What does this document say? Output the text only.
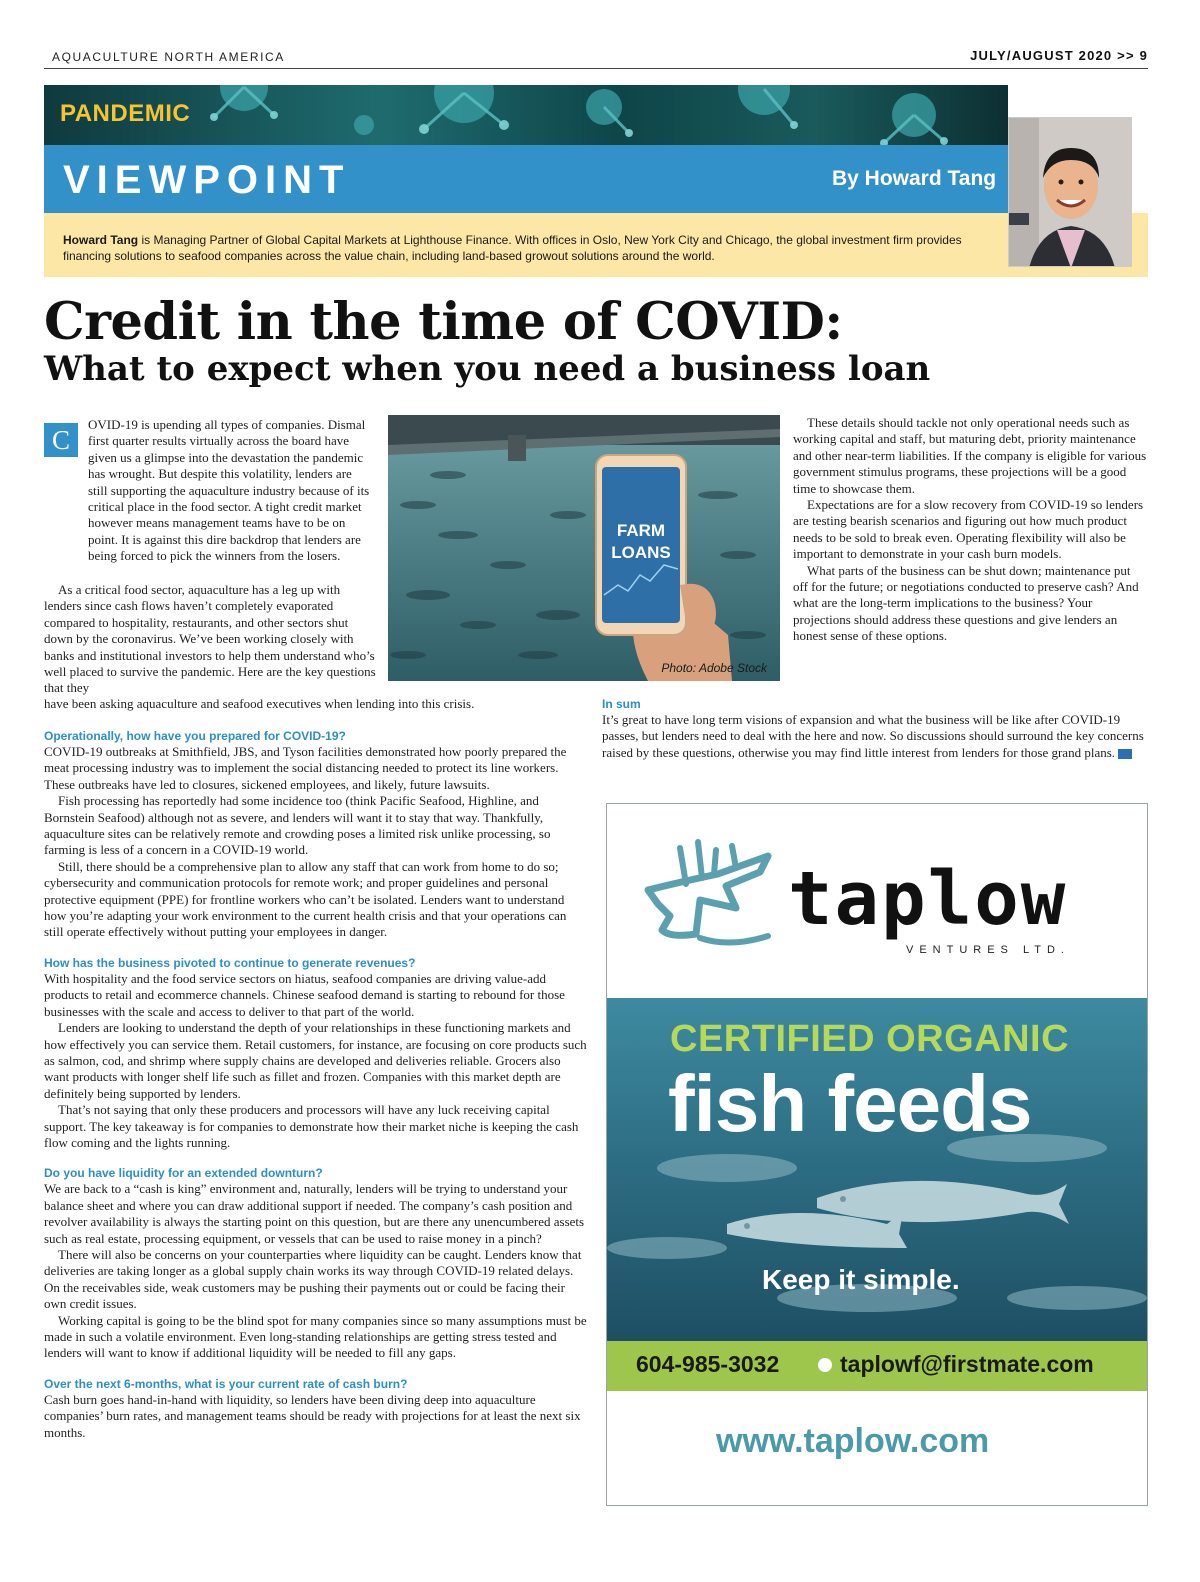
AQUACULTURE NORTH AMERICA	JULY/AUGUST 2020 >> 9
PANDEMIC
VIEWPOINT	By Howard Tang
Howard Tang is Managing Partner of Global Capital Markets at Lighthouse Finance. With offices in Oslo, New York City and Chicago, the global investment firm provides financing solutions to seafood companies across the value chain, including land-based growout solutions around the world.
Credit in the time of COVID:
What to expect when you need a business loan
C

OVID-19 is upending all types of companies. Dismal first quarter results virtually across the board have given us a glimpse into the devastation the pandemic has wrought. But despite this volatility, lenders are still supporting the aquaculture industry because of its critical place in the food sector. A tight credit market however means management teams have to be on point. It is against this dire backdrop that lenders are being forced to pick the winners from the losers.

FARM
LOANS
Photo: Adobe Stock

As a critical food sector, aquaculture has a leg up with lenders since cash flows haven’t completely evaporated compared to hospitality, restaurants, and other sectors shut down by the coronavirus. We’ve been working closely with banks and institutional investors to help them understand who’s well placed to survive the pandemic. Here are the key questions that they

have been asking aquaculture and seafood executives when lending into this crisis.

Operationally, how have you prepared for COVID-19?

COVID-19 outbreaks at Smithfield, JBS, and Tyson facilities demonstrated how poorly prepared the meat processing industry was to implement the social distancing needed to protect its line workers. These outbreaks have led to closures, sickened employees, and likely, future lawsuits.

Fish processing has reportedly had some incidence too (think Pacific Seafood, Highline, and Bornstein Seafood) although not as severe, and lenders will want it to stay that way. Thankfully, aquaculture sites can be relatively remote and crowding poses a limited risk unlike processing, so farming is less of a concern in a COVID-19 world.

Still, there should be a comprehensive plan to allow any staff that can work from home to do so; cybersecurity and communication protocols for remote work; and proper guidelines and personal protective equipment (PPE) for frontline workers who can’t be isolated. Lenders want to understand how you’re adapting your work environment to the current health crisis and that your operations can still operate effectively without putting your employees in danger.

How has the business pivoted to continue to generate revenues?

With hospitality and the food service sectors on hiatus, seafood companies are driving value-add products to retail and ecommerce channels. Chinese seafood demand is starting to rebound for those businesses with the scale and access to deliver to that part of the world.

Lenders are looking to understand the depth of your relationships in these functioning markets and how effectively you can service them. Retail customers, for instance, are focusing on core products such as salmon, cod, and shrimp where supply chains are developed and deliveries reliable. Grocers also want products with longer shelf life such as fillet and frozen. Companies with this market depth are definitely being supported by lenders.

That’s not saying that only these producers and processors will have any luck receiving capital support. The key takeaway is for companies to demonstrate how their market niche is keeping the cash flow coming and the lights running.

Do you have liquidity for an extended downturn?

We are back to a “cash is king” environment and, naturally, lenders will be trying to understand your balance sheet and where you can draw additional support if needed. The company’s cash position and revolver availability is always the starting point on this question, but are there any unencumbered assets such as real estate, processing equipment, or vessels that can be used to raise money in a pinch?

There will also be concerns on your counterparties where liquidity can be caught. Lenders know that deliveries are taking longer as a global supply chain works its way through COVID-19 related delays. On the receivables side, weak customers may be pushing their payments out or could be facing their own credit issues.

Working capital is going to be the blind spot for many companies since so many assumptions must be made in such a volatile environment. Even long-standing relationships are getting stress tested and lenders will want to know if additional liquidity will be needed to fill any gaps.

Over the next 6-months, what is your current rate of cash burn?

Cash burn goes hand-in-hand with liquidity, so lenders have been diving deep into aquaculture companies’ burn rates, and management teams should be ready with projections for at least the next six months.

These details should tackle not only operational needs such as working capital and staff, but maturing debt, priority maintenance and other near-term liabilities. If the company is eligible for various government stimulus programs, these projections will be a good time to showcase them.

Expectations are for a slow recovery from COVID-19 so lenders are testing bearish scenarios and figuring out how much product needs to be sold to break even. Operating flexibility will also be important to demonstrate in your cash burn models.

What parts of the business can be shut down; maintenance put off for the future; or negotiations conducted to preserve cash? And what are the long-term implications to the business? Your projections should address these questions and give lenders an honest sense of these options.

In sum

It’s great to have long term visions of expansion and what the business will be like after COVID-19 passes, but lenders need to deal with the here and now. So discussions should surround the key concerns raised by these questions, otherwise you may find little interest from lenders for those grand plans.

taplow
VENTURES LTD.
CERTIFIED ORGANIC
fish feeds
Keep it simple.
604-985-3032	taplowf@firstmate.com
www.taplow.com
